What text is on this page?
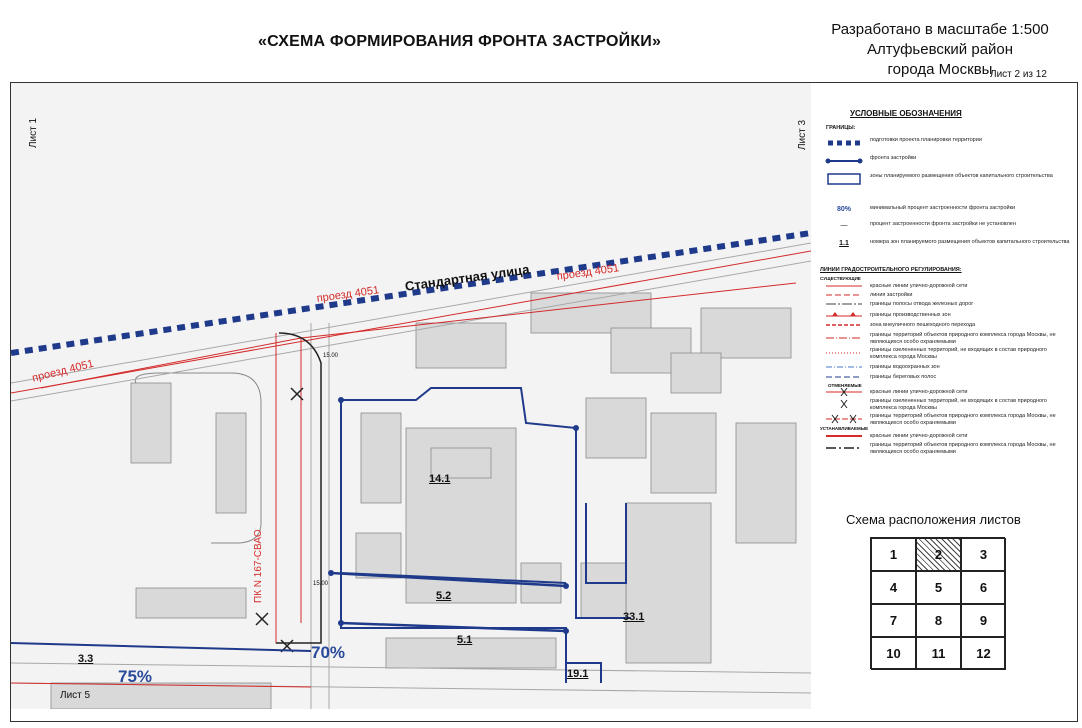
«СХЕМА ФОРМИРОВАНИЯ ФРОНТА ЗАСТРОЙКИ»
Разработано в масштабе 1:500
Алтуфьевский район
города Москвы
Лист 2 из 12
Стандартная улица
проезд 4051
проезд 4051
проезд 4051
ПК N 167-СВАО
15.00
15.00
14.1
5.2
5.1
33.1
19.1
3.3	70%
75%
Лист 1	Лист 3
Лист 5
УСЛОВНЫЕ ОБОЗНАЧЕНИЯ
ГРАНИЦЫ:
подготовки проекта планировки территории
фронта застройки
зоны планируемого размещения объектов капитального строительства
80%	минимальный процент застроенности фронта застройки
—	процент застроенности фронта застройки не установлен
1.1	номера зон планируемого размещения объектов капитального строительства
ЛИНИИ ГРАДОСТРОИТЕЛЬНОГО РЕГУЛИРОВАНИЯ:
СУЩЕСТВУЮЩИЕ
красные линии улично-дорожной сети
линия застройки
границы полосы отвода железных дорог
границы производственных зон
зона внеуличного пешеходного перехода
границы территорий объектов природного комплекса города Москвы, не являющихся особо охраняемыми
границы озелененных территорий, не входящих в состав природного комплекса города Москвы
границы водоохранных зон
границы береговых полос
ОТМЕНЯЕМЫЕ
красные линии улично-дорожной сети
границы озелененных территорий, не входящих в состав природного комплекса города Москвы
границы территорий объектов природного комплекса города Москвы, не являющихся особо охраняемыми
УСТАНАВЛИВАЕМЫЕ
красные линии улично-дорожной сети
границы территорий объектов природного комплекса города Москвы, не являющихся особо охраняемыми
Схема расположения листов
1	2	3
4	5	6
7	8	9
10	11	12
